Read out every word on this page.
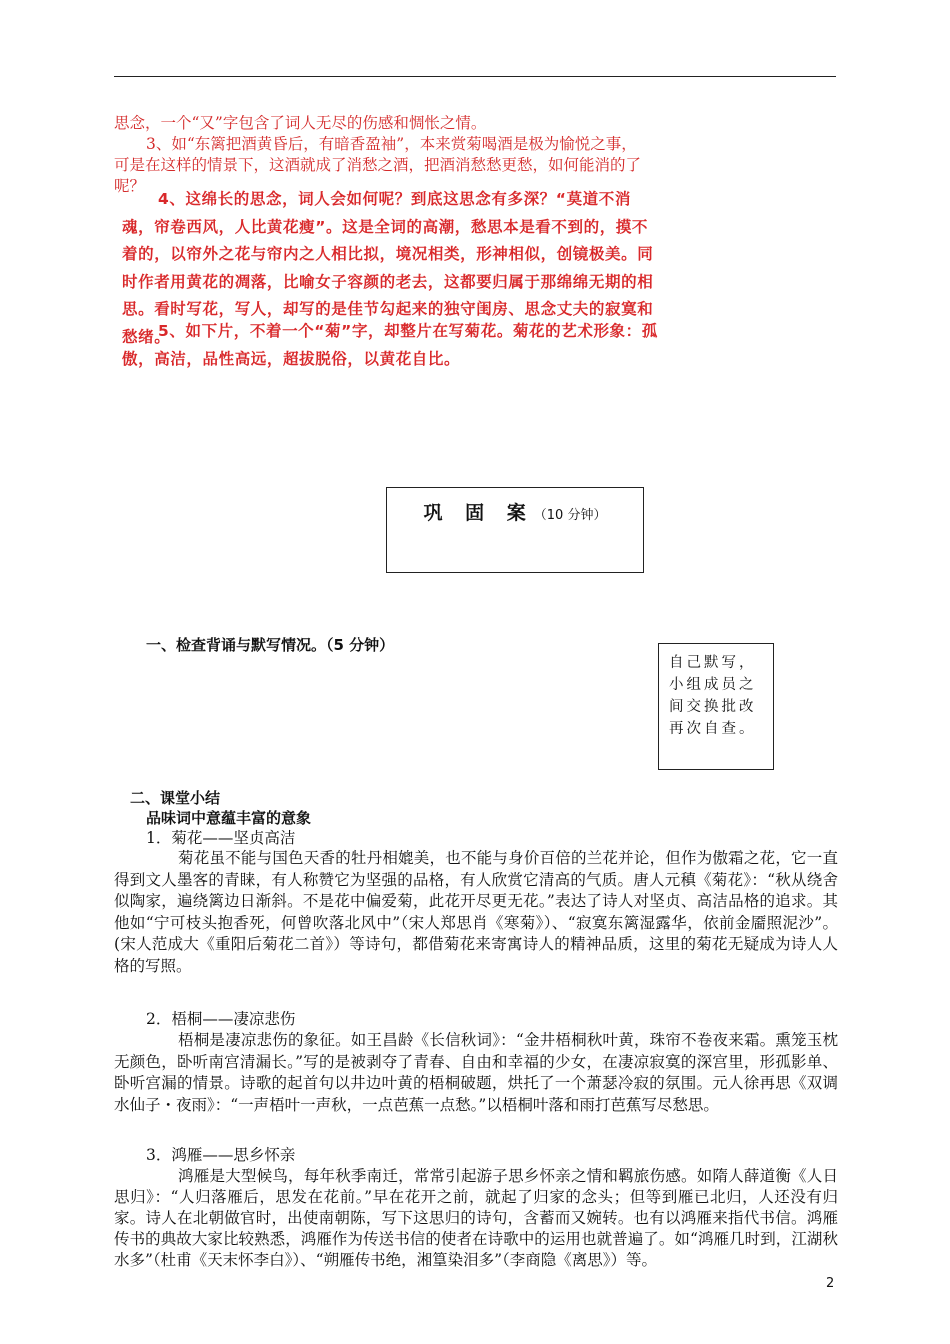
思念，一个“又”字包含了词人无尽的伤感和惆怅之情。

3、如“东篱把酒黄昏后，有暗香盈袖”，本来赏菊喝酒是极为愉悦之事，可是在这样的情景下，这酒就成了消愁之酒，把酒消愁愁更愁，如何能消的了呢？

4、这绵长的思念，词人会如何呢？到底这思念有多深？“莫道不消魂，帘卷西风，人比黄花瘦”。这是全词的高潮，愁思本是看不到的，摸不着的，以帘外之花与帘内之人相比拟，境况相类，形神相似，创镜极美。同时作者用黄花的凋落，比喻女子容颜的老去，这都要归属于那绵绵无期的相思。看时写花，写人，却写的是佳节勾起来的独守闺房、思念丈夫的寂寞和愁绪。

5、如下片，不着一个“菊”字，却整片在写菊花。菊花的艺术形象：孤傲，高洁，品性高远，超拔脱俗，以黄花自比。

巩 固 案（10 分钟）

一、检查背诵与默写情况。（5 分钟）

自己默写，小组成员之间交换批改再次自查。

二、课堂小结

品味词中意蕴丰富的意象

1．菊花——坚贞高洁

菊花虽不能与国色天香的牡丹相媲美，也不能与身价百倍的兰花并论，但作为傲霜之花，它一直得到文人墨客的青睐，有人称赞它为坚强的品格，有人欣赏它清高的气质。唐人元稹《菊花》：“秋从绕舍似陶家，遍绕篱边日渐斜。不是花中偏爱菊，此花开尽更无花。”表达了诗人对坚贞、高洁品格的追求。其他如“宁可枝头抱香死，何曾吹落北风中”（宋人郑思肖《寒菊》）、“寂寞东篱湿露华，依前金靥照泥沙”。(宋人范成大《重阳后菊花二首》）等诗句，都借菊花来寄寓诗人的精神品质，这里的菊花无疑成为诗人人格的写照。

2．梧桐——凄凉悲伤

梧桐是凄凉悲伤的象征。如王昌龄《长信秋词》：“金井梧桐秋叶黄，珠帘不卷夜来霜。熏笼玉枕无颜色，卧听南宫清漏长。”写的是被剥夺了青春、自由和幸福的少女，在凄凉寂寞的深宫里，形孤影单、卧听宫漏的情景。诗歌的起首句以井边叶黄的梧桐破题，烘托了一个萧瑟冷寂的氛围。元人徐再思《双调水仙子・夜雨》：“一声梧叶一声秋，一点芭蕉一点愁。”以梧桐叶落和雨打芭蕉写尽愁思。

3．鸿雁——思乡怀亲

鸿雁是大型候鸟，每年秋季南迁，常常引起游子思乡怀亲之情和羁旅伤感。如隋人薛道衡《人日思归》：“人归落雁后，思发在花前。”早在花开之前，就起了归家的念头；但等到雁已北归，人还没有归家。诗人在北朝做官时，出使南朝陈，写下这思归的诗句，含蓄而又婉转。也有以鸿雁来指代书信。鸿雁传书的典故大家比较熟悉，鸿雁作为传送书信的使者在诗歌中的运用也就普遍了。如“鸿雁几时到，江湖秋水多”（杜甫《天末怀李白》）、“朔雁传书绝，湘篁染泪多”（李商隐《离思》）等。

2
